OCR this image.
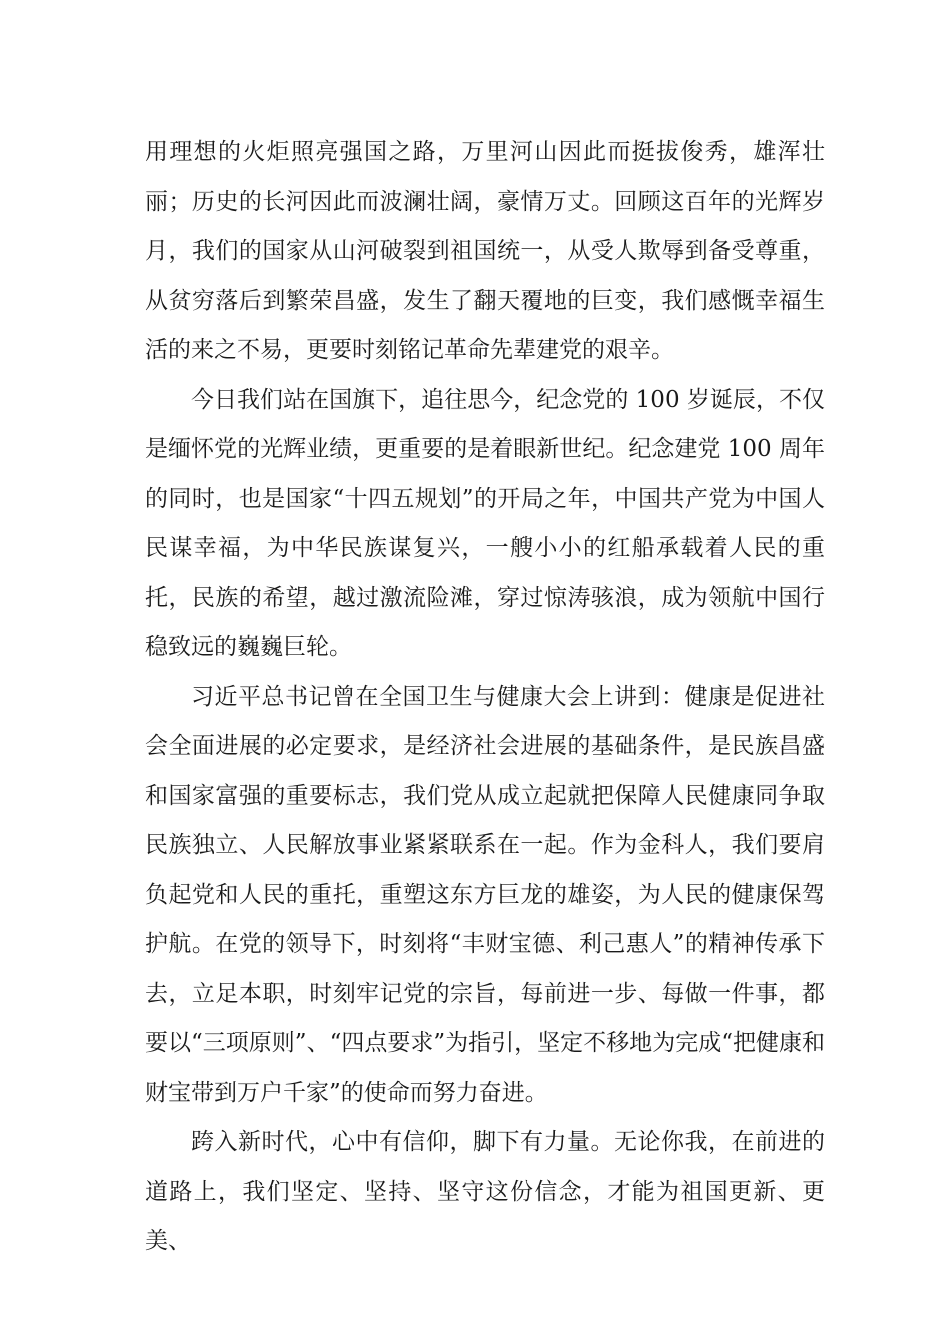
用理想的火炬照亮强国之路，万里河山因此而挺拔俊秀，雄浑壮丽；历史的长河因此而波澜壮阔，豪情万丈。回顾这百年的光辉岁月，我们的国家从山河破裂到祖国统一，从受人欺辱到备受尊重，从贫穷落后到繁荣昌盛，发生了翻天覆地的巨变，我们感慨幸福生活的来之不易，更要时刻铭记革命先辈建党的艰辛。

今日我们站在国旗下，追往思今，纪念党的 100 岁诞辰，不仅是缅怀党的光辉业绩，更重要的是着眼新世纪。纪念建党 100 周年的同时，也是国家“十四五规划”的开局之年，中国共产党为中国人民谋幸福，为中华民族谋复兴，一艘小小的红船承载着人民的重托，民族的希望，越过激流险滩，穿过惊涛骇浪，成为领航中国行稳致远的巍巍巨轮。

习近平总书记曾在全国卫生与健康大会上讲到：健康是促进社会全面进展的必定要求，是经济社会进展的基础条件，是民族昌盛和国家富强的重要标志，我们党从成立起就把保障人民健康同争取民族独立、人民解放事业紧紧联系在一起。作为金科人，我们要肩负起党和人民的重托，重塑这东方巨龙的雄姿，为人民的健康保驾护航。在党的领导下，时刻将“丰财宝德、利己惠人”的精神传承下去，立足本职，时刻牢记党的宗旨，每前进一步、每做一件事，都要以“三项原则”、“四点要求”为指引，坚定不移地为完成“把健康和财宝带到万户千家”的使命而努力奋进。

跨入新时代，心中有信仰，脚下有力量。无论你我，在前进的道路上，我们坚定、坚持、坚守这份信念，才能为祖国更新、更美、
